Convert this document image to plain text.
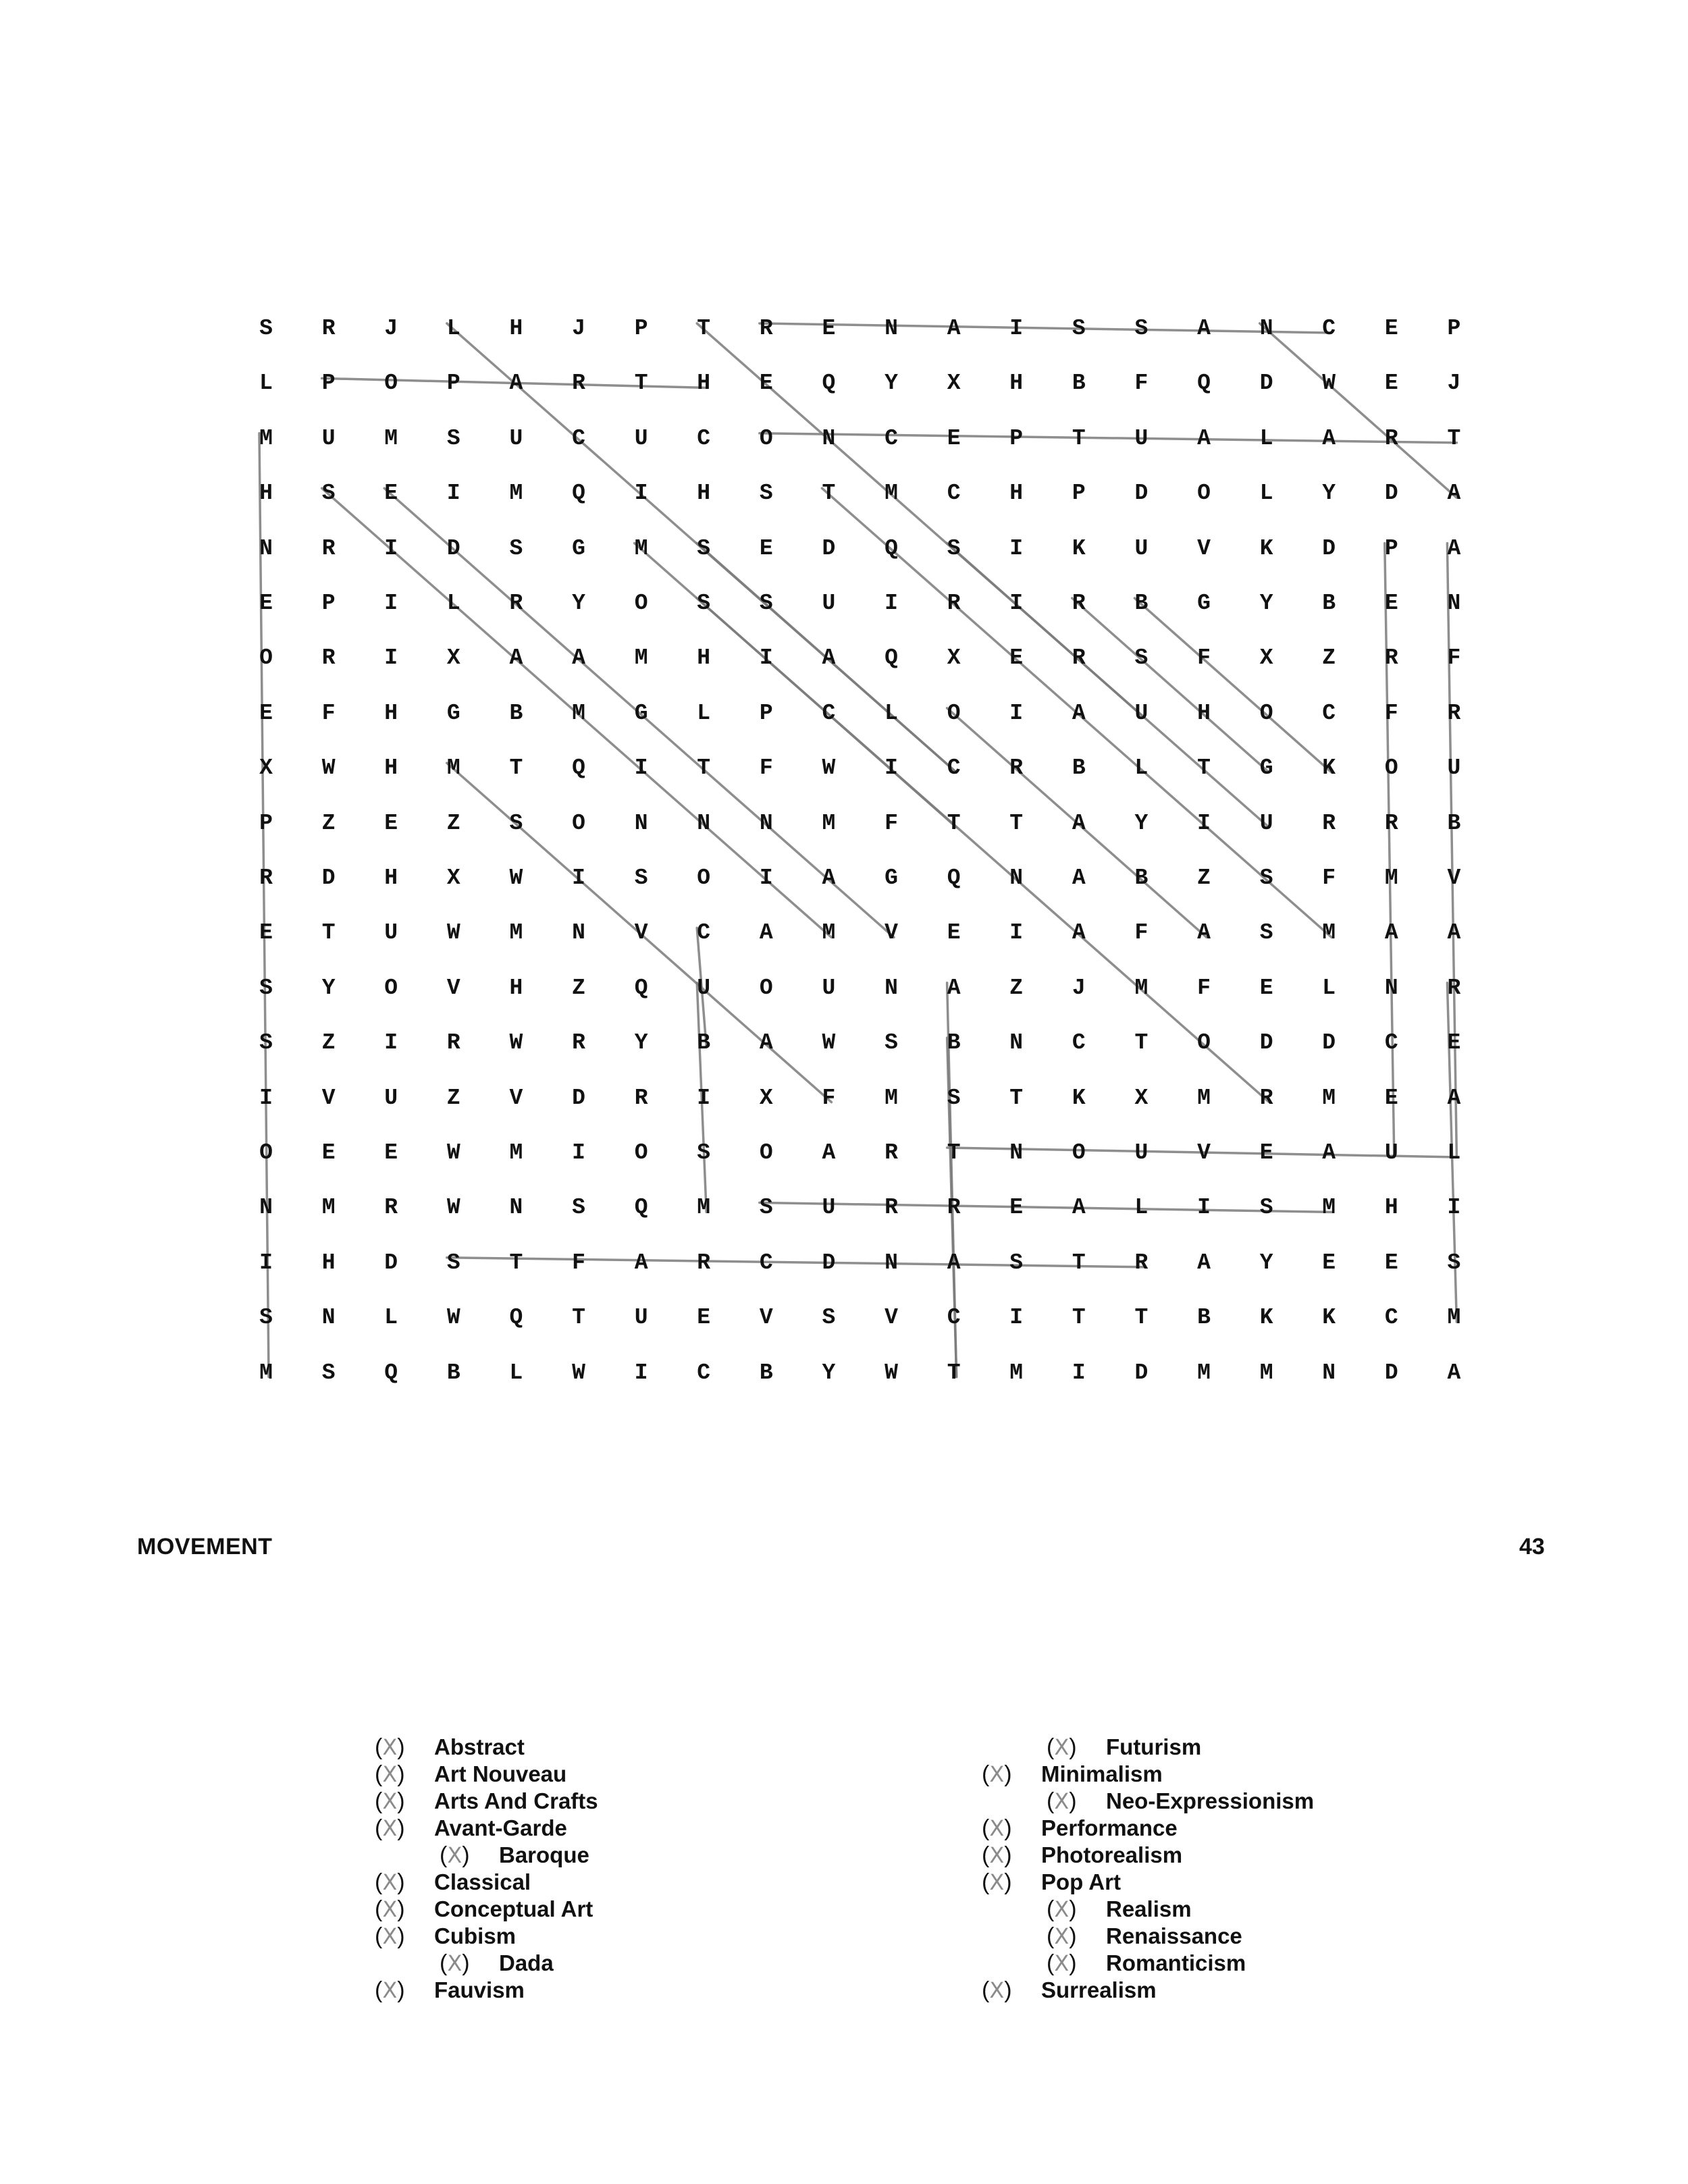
S	R	J	L	H	J	P	T	R	E	N	A	I	S	S	A	N	C	E	P
L	P	O	P	A	R	T	H	E	Q	Y	X	H	B	F	Q	D	W	E	J
M	U	M	S	U	C	U	C	O	N	C	E	P	T	U	A	L	A	R	T
H	S	E	I	M	Q	I	H	S	T	M	C	H	P	D	O	L	Y	D	A
N	R	I	D	S	G	M	S	E	D	Q	S	I	K	U	V	K	D	P	A
E	P	I	L	R	Y	O	S	S	U	I	R	I	R	B	G	Y	B	E	N
O	R	I	X	A	A	M	H	I	A	Q	X	E	R	S	F	X	Z	R	F
E	F	H	G	B	M	G	L	P	C	L	O	I	A	U	H	O	C	F	R
X	W	H	M	T	Q	I	T	F	W	I	C	R	B	L	T	G	K	O	U
P	Z	E	Z	S	O	N	N	N	M	F	T	T	A	Y	I	U	R	R	B
R	D	H	X	W	I	S	O	I	A	G	Q	N	A	B	Z	S	F	M	V
E	T	U	W	M	N	V	C	A	M	V	E	I	A	F	A	S	M	A	A
S	Y	O	V	H	Z	Q	U	O	U	N	A	Z	J	M	F	E	L	N	R
S	Z	I	R	W	R	Y	B	A	W	S	B	N	C	T	O	D	D	C	E
I	V	U	Z	V	D	R	I	X	F	M	S	T	K	X	M	R	M	E	A
O	E	E	W	M	I	O	S	O	A	R	T	N	O	U	V	E	A	U	L
N	M	R	W	N	S	Q	M	S	U	R	R	E	A	L	I	S	M	H	I
I	H	D	S	T	F	A	R	C	D	N	A	S	T	R	A	Y	E	E	S
S	N	L	W	Q	T	U	E	V	S	V	C	I	T	T	B	K	K	C	M
M	S	Q	B	L	W	I	C	B	Y	W	T	M	I	D	M	M	N	D	A
MOVEMENT	43
(X) Abstract
(X) Art Nouveau
(X) Arts And Crafts
(X) Avant-Garde
(X) Baroque
(X) Classical
(X) Conceptual Art
(X) Cubism
(X) Dada
(X) Fauvism
(X) Futurism
(X) Minimalism
(X) Neo-Expressionism
(X) Performance
(X) Photorealism
(X) Pop Art
(X) Realism
(X) Renaissance
(X) Romanticism
(X) Surrealism
